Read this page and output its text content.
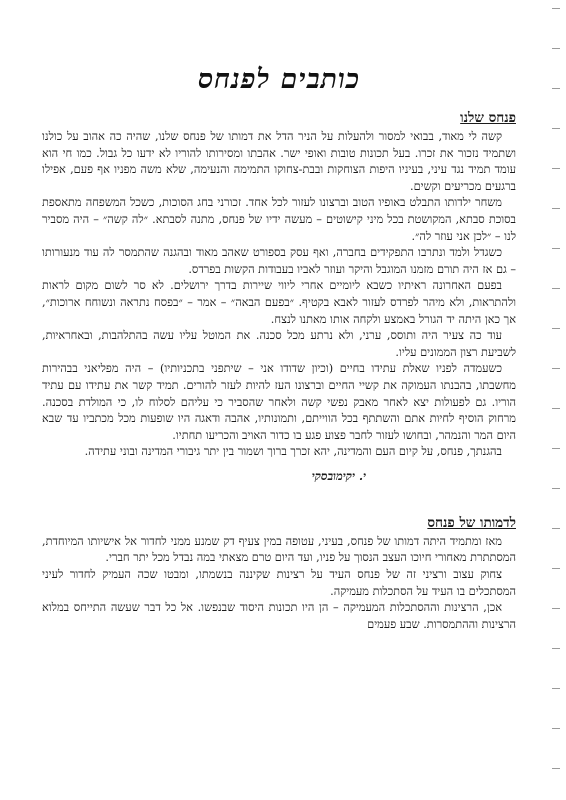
כותבים לפנחס
פנחס שלנו

קשה לי מאוד, בבואי למסור ולהעלות על הניר הדל את דמותו של פנחס שלנו, שהיה כה אהוב על כולנו ושתמיד נזכור את זכרו. בעל תכונות טובות ואופי ישר. אהבתו ומסירותו להוריו לא ידעו כל גבול. כמו חי הוא עומד תמיד נגד עיני, בעיניו היפות הצוחקות ובבת-צחוקו התמימה והנעימה, שלא משה מפניו אף פעם, אפילו ברגעים מכריעים וקשים.

משחר ילדותו התבלט באופיו הטוב וברצונו לעזור לכל אחד. זכורני בחג הסוכות, כשכל המשפחה מתאספת בסוכת סבתא, המקושטת בכל מיני קישוטים – מעשה ידיו של פנחס, מתנה לסבתא. ״לה קשה״ – היה מסביר לנו – ״לכן אני עוזר לה״.

כשגדל ולמד ונתרבו התפקידים בחברה, ואף עסק בספורט שאהב מאוד ובהגנה שהתמסר לה עוד מנעורותו – גם אז היה תורם מזמנו המוגבל והיקר ועוזר לאביו בעבודות הקשות בפרדס.

בפעם האחרונה ראיתיו כשבא ליומיים אחרי ליווי שיירות בדרך ירושלים. לא סר לשום מקום לראות ולהתראות, ולא מיהר לפרדס לעזור לאבא בקטיף. ״בפעם הבאה״ – אמר – ״בפסח נתראה ונשוחח ארוכות״, אך כאן היתה יד הגורל באמצע ולקחה אותו מאתנו לנצח.

עוד כה צעיר היה ותוסס, ערני, ולא נרתע מכל סכנה. את המוטל עליו עשה בהתלהבות, ובאחראיות, לשביעת רצון הממונים עליו.

כשעמדה לפניו שאלת עתידו בחיים (וכיון שדודו אני – שיתפני בתכניותיו) – היה מפליאני בבהירות מחשבתו, בהבנתו העמוקה את קשיי החיים וברצונו העז להיות לעזר להורים. תמיד קשר את עתידו עם עתיד הוריו. גם לפעולות יצא לאחר מאבק נפשי קשה ולאחר שהסביר כי עליהם לסלוח לו, כי המולדת בסכנה. מרחוק הוסיף לחיות אתם והשתתף בכל הווייתם, ותמונותיו, אהבה ודאגה היו שופעות מכל מכתביו עד שבא היום המר והנמהר, ובחושו לעזור לחבר פצוע פגע בו כדור האויב והכריעו תחתיו.

בהגנתך, פנחס, על קיום העם והמדינה, יהא זכרך ברוך ושמור בין יתר גיבורי המדינה ובוני עתידה.

י. יקימובסקי
לדמותו של פנחס

מאז ומתמיד היתה דמותו של פנחס, בעיני, עטופה במין צעיף דק שמנע ממני לחדור אל אישיותו המיוחדת, המסתתרת מאחורי חיוכו העצב הנסוך על פניו, ועד היום טרם מצאתי במה נבדל מכל יתר חברי.

צחוק עצוב ורציני זה של פנחס העיד על רצינות שקיננה בנשמתו, ומבטו שכה העמיק לחדור לעיני המסתכלים בו העיד על הסתכלות מעמיקה.

אכן, הרצינות וההסתכלות המעמיקה – הן היו תכונות היסוד שבנפשו. אל כל דבר שעשה התייחס במלוא הרצינות וההתמסרות. שבע פעמים
